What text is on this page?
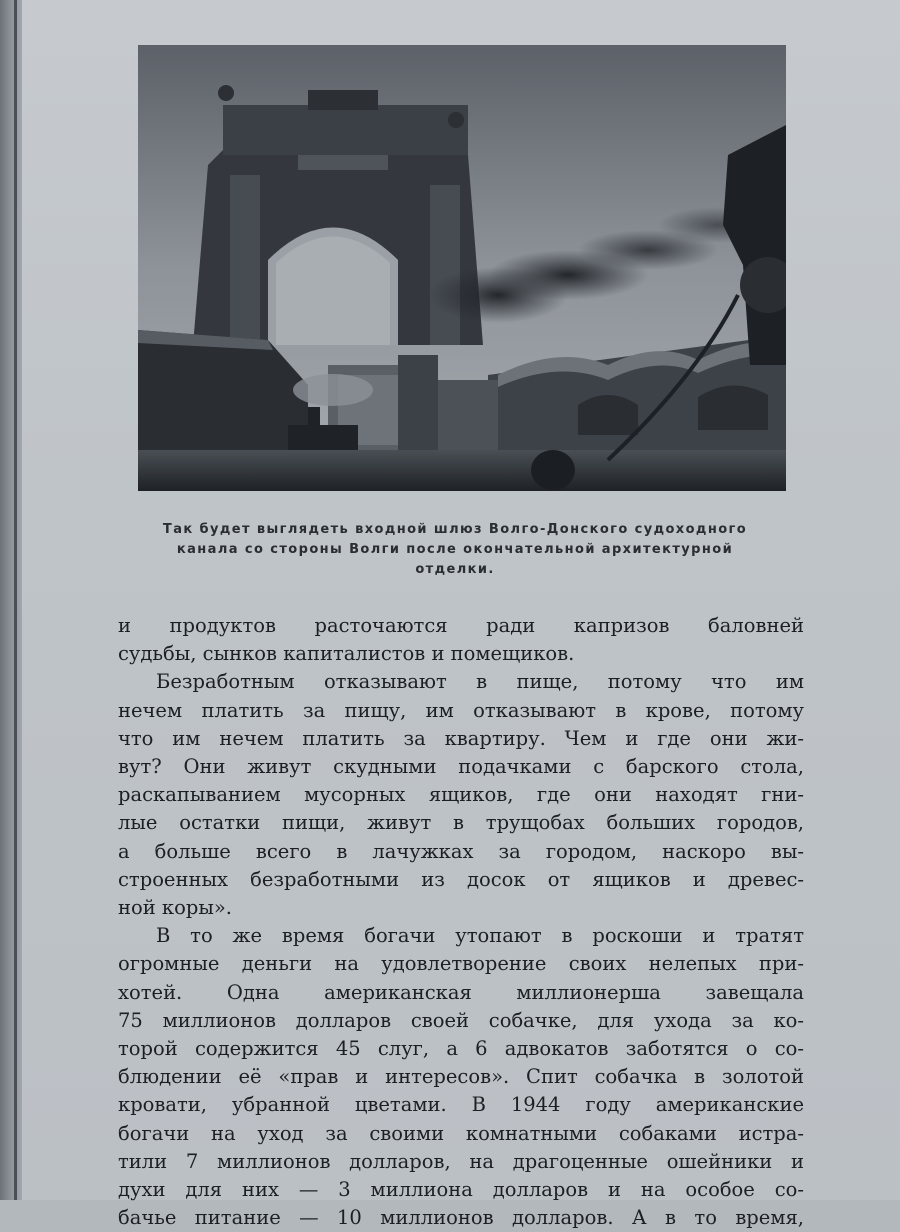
Так будет выглядеть входной шлюз Волго-Донского судоходного
канала со стороны Волги после окончательной архитектурной
отделки.
и продуктов расточаются ради капризов баловней
судьбы, сынков капиталистов и помещиков.
Безработным отказывают в пище, потому что им
нечем платить за пищу, им отказывают в крове, потому
что им нечем платить за квартиру. Чем и где они жи-
вут? Они живут скудными подачками с барского стола,
раскапыванием мусорных ящиков, где они находят гни-
лые остатки пищи, живут в трущобах больших городов,
а больше всего в лачужках за городом, наскоро вы-
строенных безработными из досок от ящиков и древес-
ной коры».
В то же время богачи утопают в роскоши и тратят
огромные деньги на удовлетворение своих нелепых при-
хотей. Одна американская миллионерша завещала
75 миллионов долларов своей собачке, для ухода за ко-
торой содержится 45 слуг, а 6 адвокатов заботятся о со-
блюдении её «прав и интересов». Спит собачка в золотой
кровати, убранной цветами. В 1944 году американские
богачи на уход за своими комнатными собаками истра-
тили 7 миллионов долларов, на драгоценные ошейники и
духи для них — 3 миллиона долларов и на особое со-
бачье питание — 10 миллионов долларов. А в то время,
